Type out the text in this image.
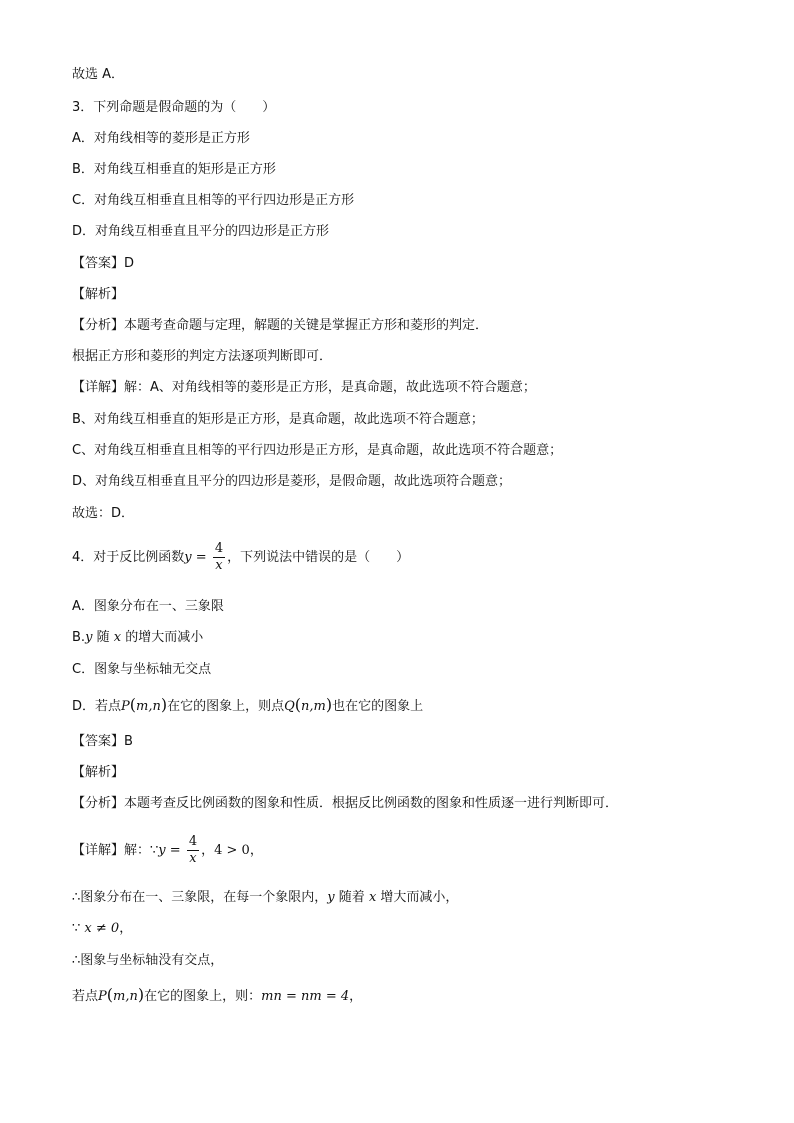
故选 A．
3．下列命题是假命题的为（　　）
A．对角线相等的菱形是正方形
B．对角线互相垂直的矩形是正方形
C．对角线互相垂直且相等的平行四边形是正方形
D．对角线互相垂直且平分的四边形是正方形
【答案】D
【解析】
【分析】本题考查命题与定理，解题的关键是掌握正方形和菱形的判定．
根据正方形和菱形的判定方法逐项判断即可．
【详解】解：A、对角线相等的菱形是正方形，是真命题，故此选项不符合题意；
B、对角线互相垂直的矩形是正方形，是真命题，故此选项不符合题意；
C、对角线互相垂直且相等的平行四边形是正方形，是真命题，故此选项不符合题意；
D、对角线互相垂直且平分的四边形是菱形，是假命题，故此选项符合题意；
故选：D．
4．对于反比例函数$y = \frac{4}{x}$ ，下列说法中错误的是（　　）
A．图象分布在一、三象限
B.y 随 x 的增大而减小
C．图象与坐标轴无交点
D．若点P(m,n)在它的图象上，则点Q(n,m)也在它的图象上
【答案】B
【解析】
【分析】本题考查反比例函数的图象和性质．根据反比例函数的图象和性质逐一进行判断即可．
【详解】解：∵y = $\frac{4}{x}$ ，4 > 0，
∴图象分布在一、三象限，在每一个象限内，y 随着 x 增大而减小，
∵ x ≠ 0，
∴图象与坐标轴没有交点，
若点P(m,n)在它的图象上，则：mn = nm = 4，
